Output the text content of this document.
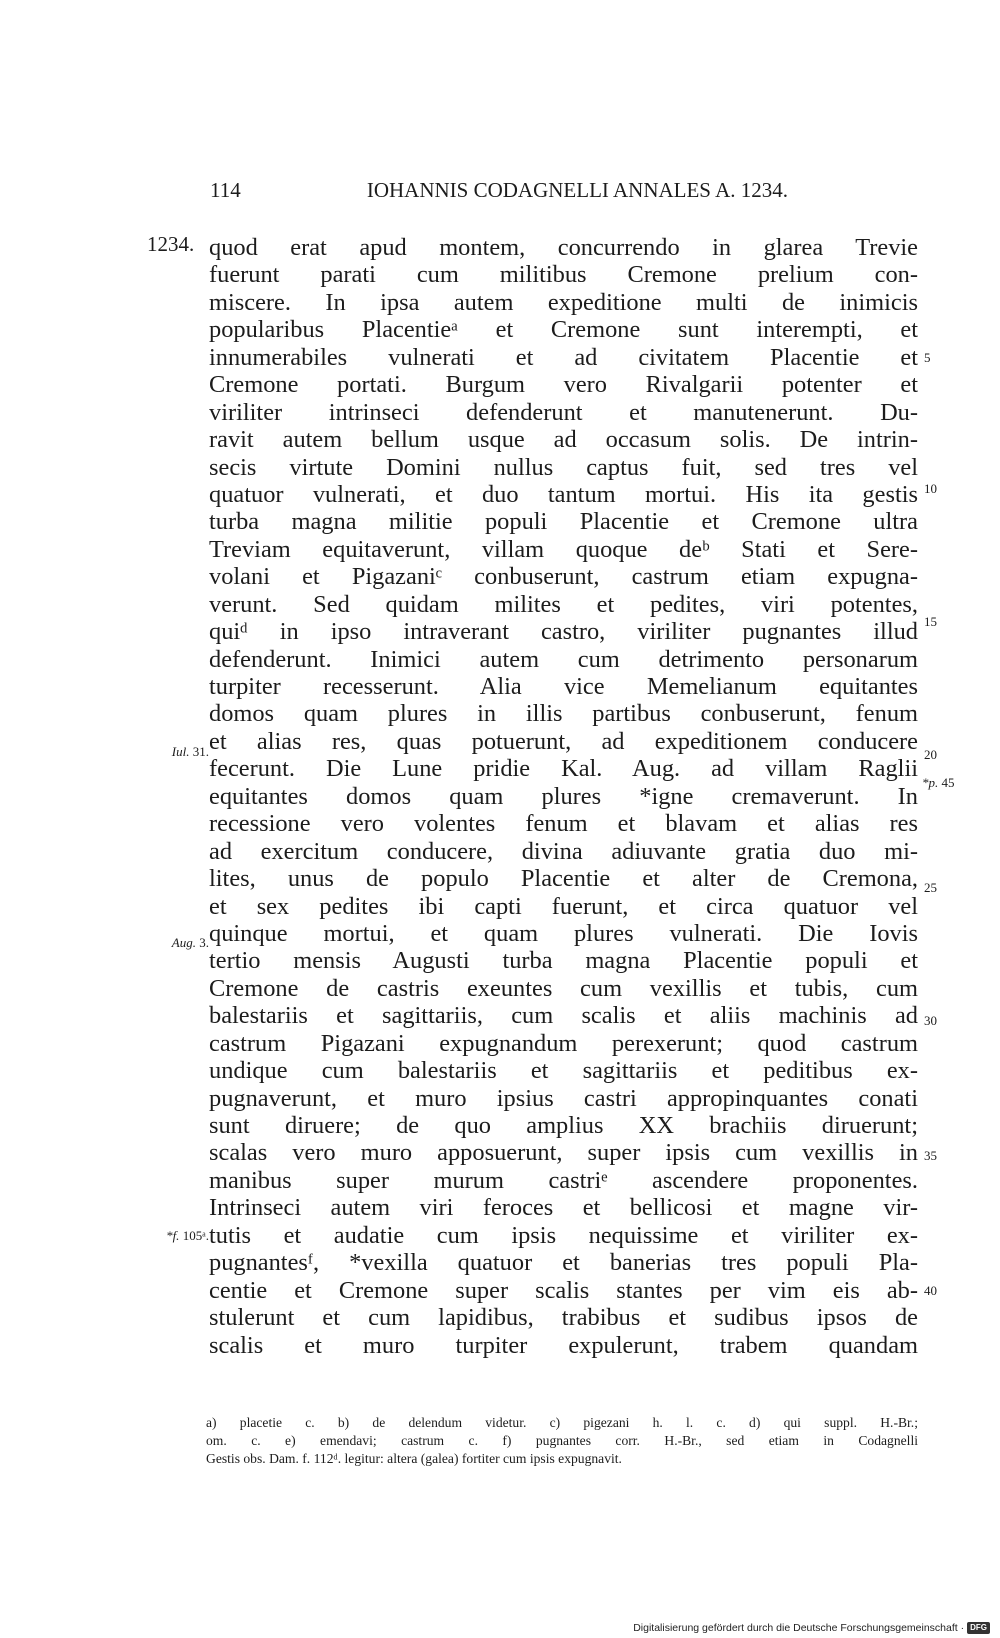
114	IOHANNIS CODAGNELLI ANNALES A. 1234.
1234.
Iul. 31.
Aug. 3.
*f. 105ᵃ.
quod erat apud montem, concurrendo in glarea Trevie
fuerunt parati cum militibus Cremone prelium con-
miscere. In ipsa autem expeditione multi de inimicis
popularibus Placentieᵃ et Cremone sunt interempti, et
innumerabiles vulnerati et ad civitatem Placentie et
Cremone portati. Burgum vero Rivalgarii potenter et
viriliter intrinseci defenderunt et manutenerunt. Du-
ravit autem bellum usque ad occasum solis. De intrin-
secis virtute Domini nullus captus fuit, sed tres vel
quatuor vulnerati, et duo tantum mortui. His ita gestis
turba magna militie populi Placentie et Cremone ultra
Treviam equitaverunt, villam quoque deᵇ Stati et Sere-
volani et Pigazaniᶜ conbuserunt, castrum etiam expugna-
verunt. Sed quidam milites et pedites, viri potentes,
quiᵈ in ipso intraverant castro, viriliter pugnantes illud
defenderunt. Inimici autem cum detrimento personarum
turpiter recesserunt. Alia vice Memelianum equitantes
domos quam plures in illis partibus conbuserunt, fenum
et alias res, quas potuerunt, ad expeditionem conducere
fecerunt. Die Lune pridie Kal. Aug. ad villam Raglii
equitantes domos quam plures *igne cremaverunt. In
recessione vero volentes fenum et blavam et alias res
ad exercitum conducere, divina adiuvante gratia duo mi-
lites, unus de populo Placentie et alter de Cremona,
et sex pedites ibi capti fuerunt, et circa quatuor vel
quinque mortui, et quam plures vulnerati. Die Iovis
tertio mensis Augusti turba magna Placentie populi et
Cremone de castris exeuntes cum vexillis et tubis, cum
balestariis et sagittariis, cum scalis et aliis machinis ad
castrum Pigazani expugnandum perexerunt; quod castrum
undique cum balestariis et sagittariis et peditibus ex-
pugnaverunt, et muro ipsius castri appropinquantes conati
sunt diruere; de quo amplius XX brachiis diruerunt;
scalas vero muro apposuerunt, super ipsis cum vexillis in
manibus super murum castriᵉ ascendere proponentes.
Intrinseci autem viri feroces et bellicosi et magne vir-
tutis et audatie cum ipsis nequissime et viriliter ex-
pugnantesᶠ, *vexilla quatuor et banerias tres populi Pla-
centie et Cremone super scalis stantes per vim eis ab-
stulerunt et cum lapidibus, trabibus et sudibus ipsos de
scalis et muro turpiter expulerunt, trabem quandam
5
10
15
20
25
30
35
40
*p. 45
a) placetie c. b) de delendum videtur. c) pigezani h. l. c. d) qui suppl. H.-Br.;
om. c. e) emendavi; castrum c. f) pugnantes corr. H.-Br., sed etiam in Codagnelli
Gestis obs. Dam. f. 112ᵈ. legitur: altera (galea) fortiter cum ipsis expugnavit.
Digitalisierung gefördert durch die Deutsche Forschungsgemeinschaft · DFG
